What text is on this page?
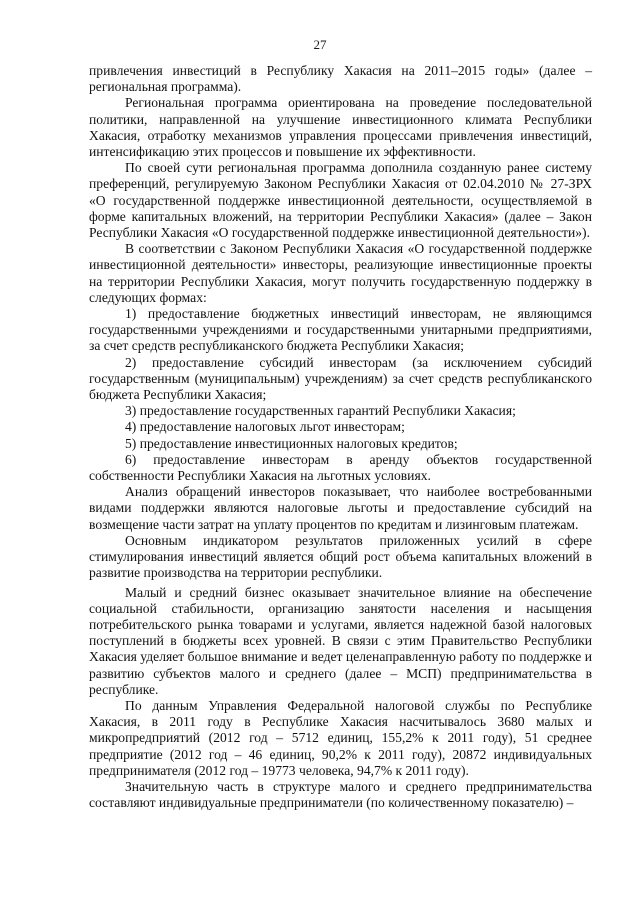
27

привлечения инвестиций в Республику Хакасия на 2011–2015 годы» (далее – региональная программа).

Региональная программа ориентирована на проведение последовательной политики, направленной на улучшение инвестиционного климата Республики Хакасия, отработку механизмов управления процессами привлечения инвестиций, интенсификацию этих процессов и повышение их эффективности.

По своей сути региональная программа дополнила созданную ранее систему преференций, регулируемую Законом Республики Хакасия от 02.04.2010 № 27-ЗРХ «О государственной поддержке инвестиционной деятельности, осуществляемой в форме капитальных вложений, на территории Республики Хакасия» (далее – Закон Республики Хакасия «О государственной поддержке инвестиционной деятельности»).

В соответствии с Законом Республики Хакасия «О государственной поддержке инвестиционной деятельности» инвесторы, реализующие инвестиционные проекты на территории Республики Хакасия, могут получить государственную поддержку в следующих формах:

1) предоставление бюджетных инвестиций инвесторам, не являющимся государственными учреждениями и государственными унитарными предприятиями, за счет средств республиканского бюджета Республики Хакасия;

2) предоставление субсидий инвесторам (за исключением субсидий государственным (муниципальным) учреждениям) за счет средств республиканского бюджета Республики Хакасия;

3) предоставление государственных гарантий Республики Хакасия;

4) предоставление налоговых льгот инвесторам;

5) предоставление инвестиционных налоговых кредитов;

6) предоставление инвесторам в аренду объектов государственной собственности Республики Хакасия на льготных условиях.

Анализ обращений инвесторов показывает, что наиболее востребованными видами поддержки являются налоговые льготы и предоставление субсидий на возмещение части затрат на уплату процентов по кредитам и лизинговым платежам.

Основным индикатором результатов приложенных усилий в сфере стимулирования инвестиций является общий рост объема капитальных вложений в развитие производства на территории республики.

Малый и средний бизнес оказывает значительное влияние на обеспечение социальной стабильности, организацию занятости населения и насыщения потребительского рынка товарами и услугами, является надежной базой налоговых поступлений в бюджеты всех уровней. В связи с этим Правительство Республики Хакасия уделяет большое внимание и ведет целенаправленную работу по поддержке и развитию субъектов малого и среднего (далее – МСП) предпринимательства в республике.

По данным Управления Федеральной налоговой службы по Республике Хакасия, в 2011 году в Республике Хакасия насчитывалось 3680 малых и микропредприятий (2012 год – 5712 единиц, 155,2% к 2011 году), 51 среднее предприятие (2012 год – 46 единиц, 90,2% к 2011 году), 20872 индивидуальных предпринимателя (2012 год – 19773 человека, 94,7% к 2011 году).

Значительную часть в структуре малого и среднего предпринимательства составляют индивидуальные предприниматели (по количественному показателю) –
